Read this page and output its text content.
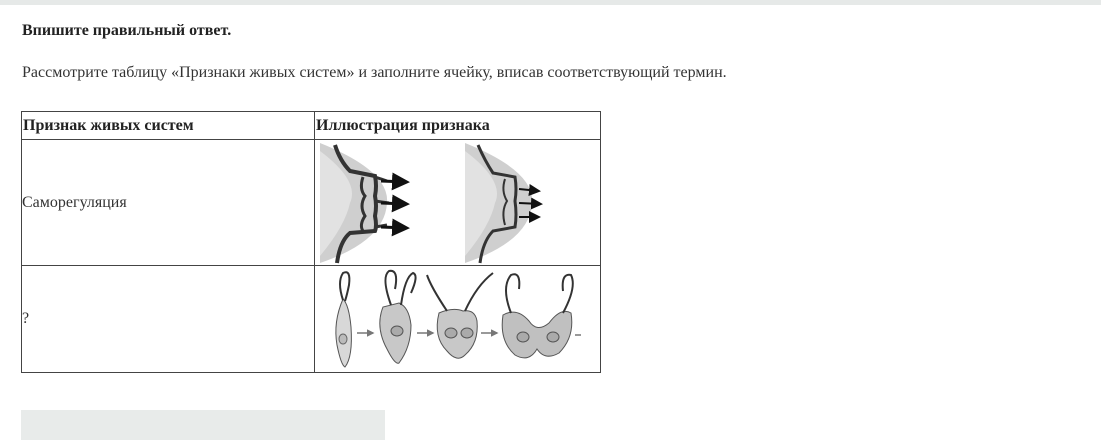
Впишите правильный ответ.
Рассмотрите таблицу «Признаки живых систем» и заполните ячейку, вписав соответствующий термин.
Признак живых систем	Иллюстрация признака
Саморегуляция	

?	
